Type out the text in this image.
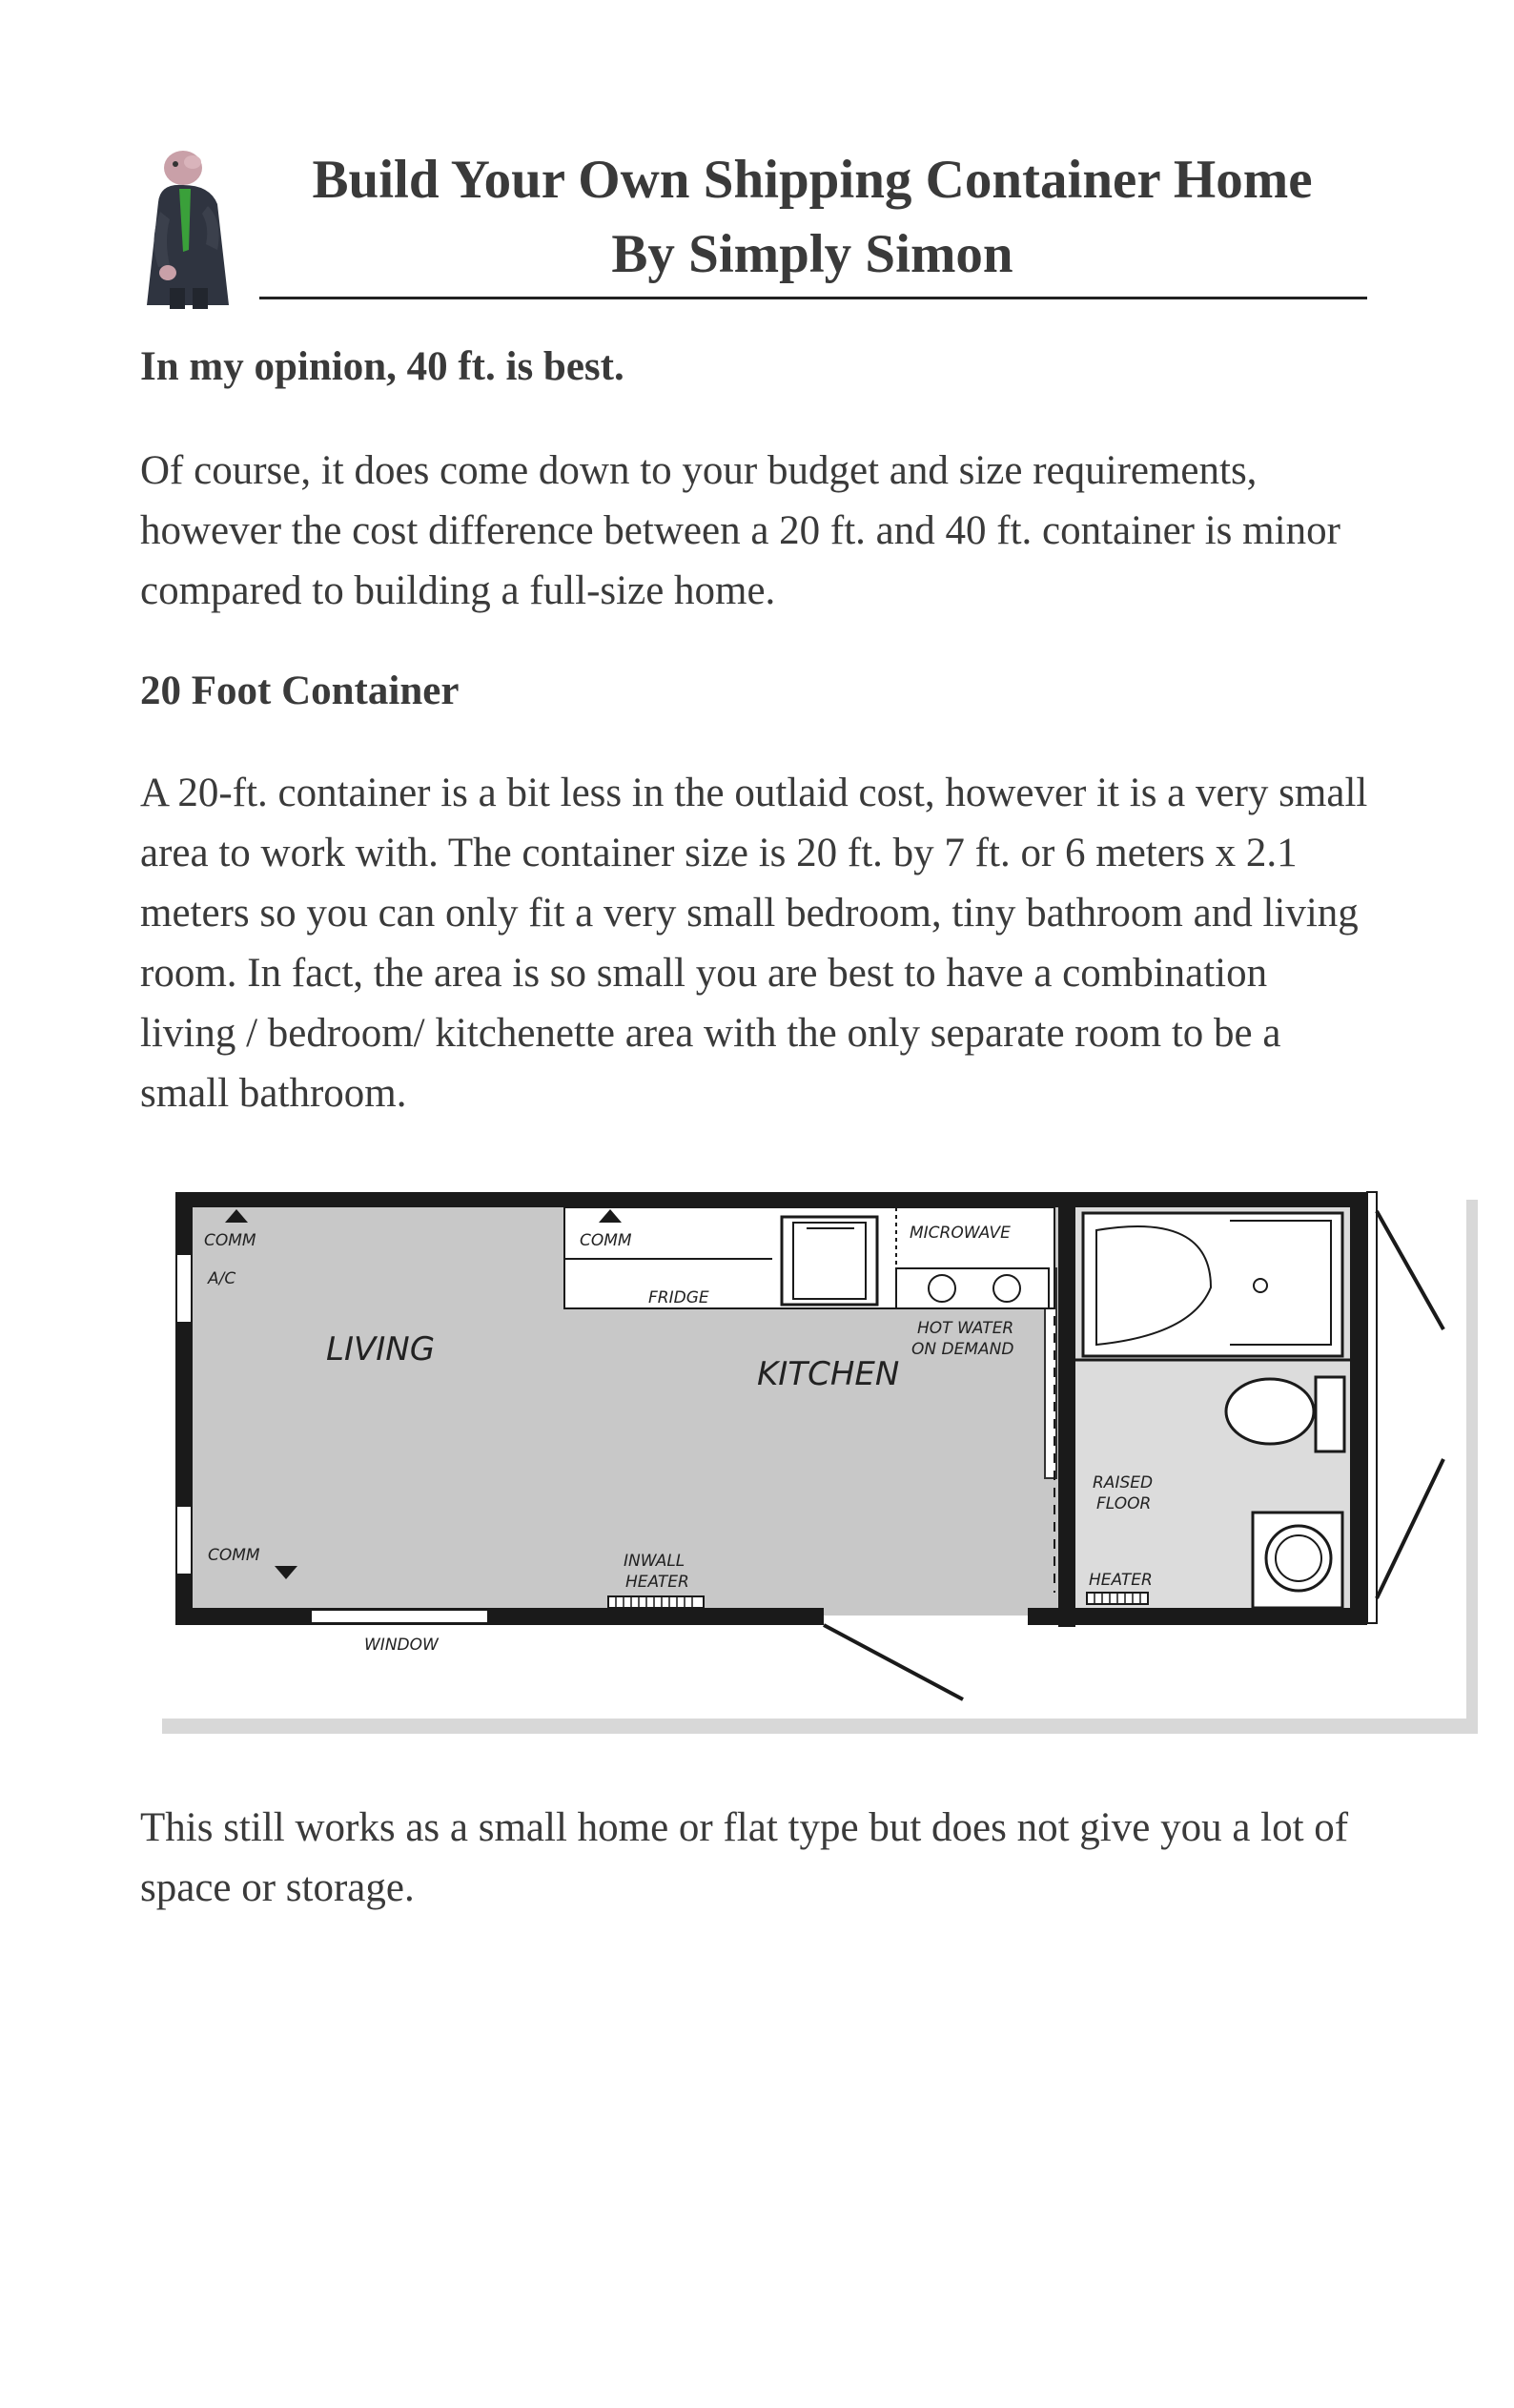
Build Your Own Shipping Container Home
By Simply Simon
In my opinion, 40 ft. is best.
Of course, it does come down to your budget and size requirements, however the cost difference between a 20 ft. and 40 ft. container is minor compared to building a full-size home.
20 Foot Container
A 20-ft. container is a bit less in the outlaid cost, however it is a very small area to work with. The container size is 20 ft. by 7 ft. or 6 meters x 2.1 meters so you can only fit a very small bedroom, tiny bathroom and living room. In fact, the area is so small you are best to have a combination living / bedroom/ kitchenette area with the only separate room to be a small bathroom.
WINDOW
LIVING
KITCHEN
COMM
A/C
COMM
COMM
FRIDGE
MICROWAVE
HOT WATER
ON DEMAND
RAISED
FLOOR
INWALL
HEATER	HEATER
This still works as a small home or flat type but does not give you a lot of space or storage.
